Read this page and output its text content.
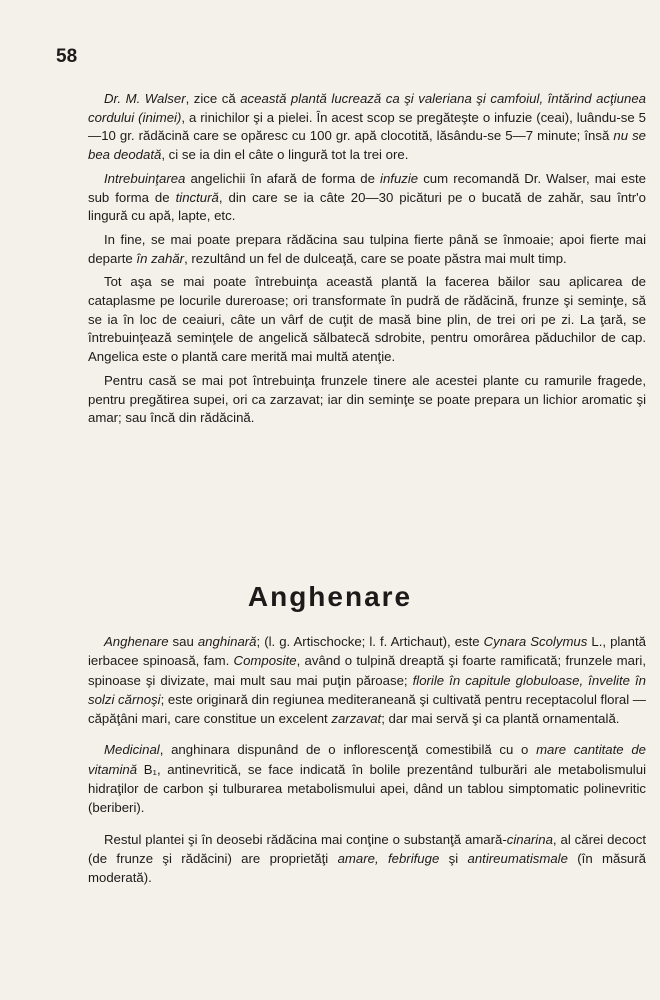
58

Dr. M. Walser, zice că această plantă lucrează ca şi valeriana şi camfoiul, întărind acţiunea cordului (inimei), a rinichilor şi a pielei. În acest scop se pregăteşte o infuzie (ceai), luându-se 5—10 gr. rădăcină care se opăresc cu 100 gr. apă clocotită, lăsându-se 5—7 minute; însă nu se bea deodată, ci se ia din el câte o lingură tot la trei ore.

Intrebuinţarea angelichii în afară de forma de infuzie cum recomandă Dr. Walser, mai este sub forma de tinctură, din care se ia câte 20—30 picături pe o bucată de zahăr, sau într'o lingură cu apă, lapte, etc.

In fine, se mai poate prepara rădăcina sau tulpina fierte până se înmoaie; apoi fierte mai departe în zahăr, rezultând un fel de dulceaţă, care se poate păstra mai mult timp.

Tot aşa se mai poate întrebuinţa această plantă la facerea băilor sau aplicarea de cataplasme pe locurile dureroase; ori transformate în pudră de rădăcină, frunze şi seminţe, să se ia în loc de ceaiuri, câte un vârf de cuţit de masă bine plin, de trei ori pe zi. La ţară, se întrebuinţează seminţele de angelică sălbatecă sdrobite, pentru omorârea păduchilor de cap. Angelica este o plantă care merită mai multă atenţie.

Pentru casă se mai pot întrebuinţa frunzele tinere ale acestei plante cu ramurile fragede, pentru pregătirea supei, ori ca zarzavat; iar din seminţe se poate prepara un lichior aromatic şi amar; sau încă din rădăcină.

Anghenare

Anghenare sau anghinară; (l. g. Artischocke; l. f. Artichaut), este Cynara Scolymus L., plantă ierbacee spinoasă, fam. Composite, având o tulpină dreaptă şi foarte ramificată; frunzele mari, spinoase şi divizate, mai mult sau mai puţin păroase; florile în capitule globuloase, învelite în solzi cărnoşi; este originară din regiunea mediteraneană şi cultivată pentru receptacolul floral — căpăţâni mari, care constitue un excelent zarzavat; dar mai servă şi ca plantă ornamentală.

Medicinal, anghinara dispunând de o inflorescenţă comestibilă cu o mare cantitate de vitamină B₁, antinevritică, se face indicată în bolile prezentând tulburări ale metabolismului hidraţilor de carbon şi tulburarea metabolismului apei, dând un tablou simptomatic polinevritic (beriberi).

Restul plantei şi în deosebi rădăcina mai conţine o substanţă amară-cinarina, al cărei decoct (de frunze şi rădăcini) are proprietăţi amare, febrifuge şi antireumatismale (în măsură moderată).
